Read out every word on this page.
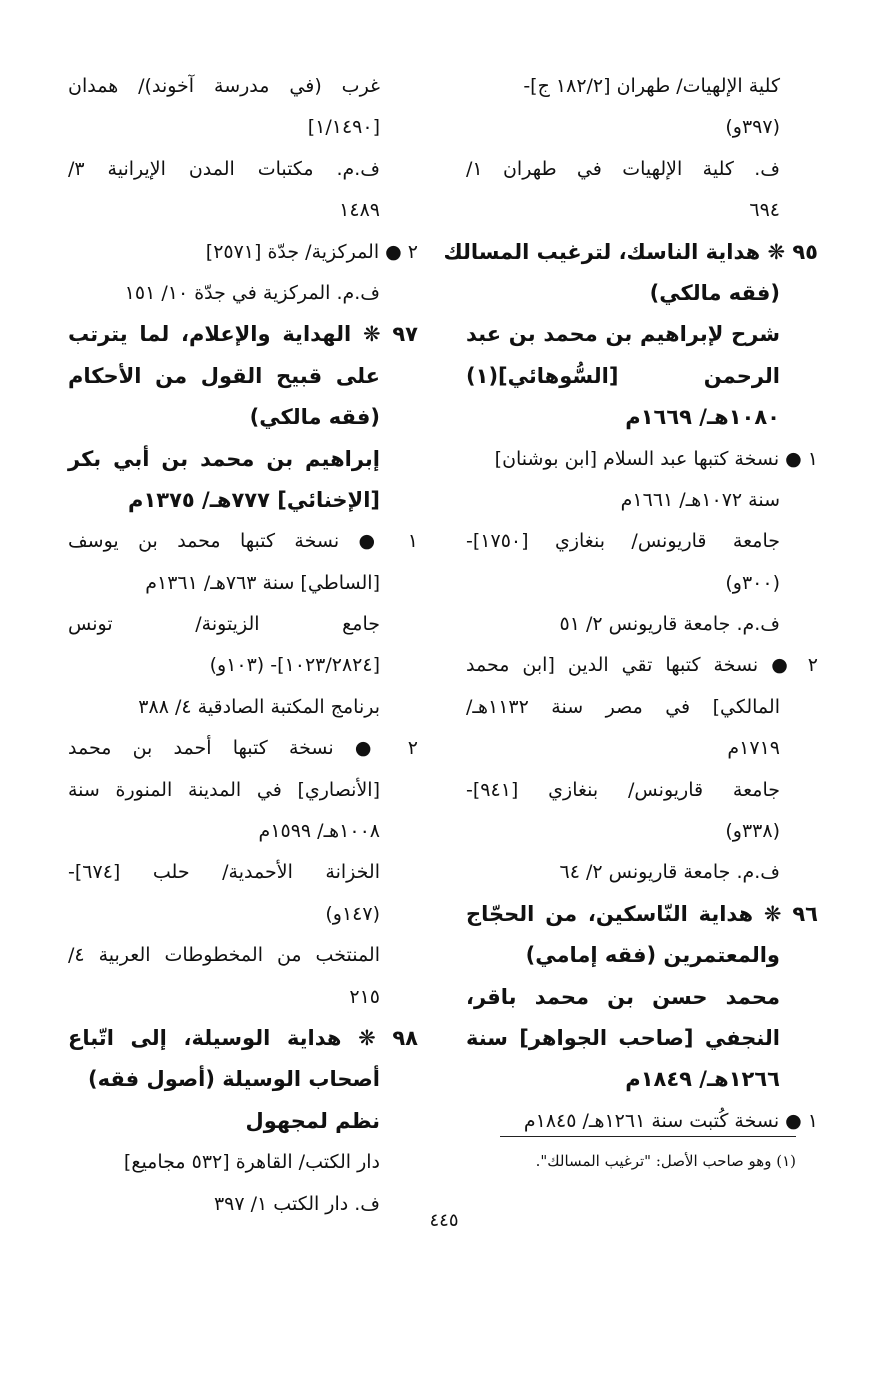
كلية الإلهيات/ طهران [١٨٢/٢ ج]-
(٣٩٧و)
ف. كلية الإلهيات في طهران ١/
٦٩٤
٩٥ ❋ هداية الناسك، لترغيب المسالك
(فقه مالكي)
شرح لإبراهيم بن محمد بن عبد
الرحمن [السُّوهائي](١)
١٠٨٠هـ/ ١٦٦٩م
١ ● نسخة كتبها عبد السلام [ابن بوشنان]
سنة ١٠٧٢هـ/ ١٦٦١م
جامعة قاريونس/ بنغازي [١٧٥٠]-
(٣٠٠و)
ف.م. جامعة قاريونس ٢/ ٥١
٢ ● نسخة كتبها تقي الدين [ابن محمد
المالكي] في مصر سنة ١١٣٢هـ/
١٧١٩م
جامعة قاريونس/ بنغازي [٩٤١]-
(٣٣٨و)
ف.م. جامعة قاريونس ٢/ ٦٤
٩٦ ❋ هداية النّاسكين، من الحجّاج
والمعتمرين (فقه إمامي)
محمد حسن بن محمد باقر،
النجفي [صاحب الجواهر] سنة
١٢٦٦هـ/ ١٨٤٩م
١ ● نسخة كُتبت سنة ١٢٦١هـ/ ١٨٤٥م
غرب (في مدرسة آخوند)/ همدان
[١/١٤٩٠]
ف.م. مكتبات المدن الإيرانية ٣/
١٤٨٩
٢ ● المركزية/ جدّة [٢٥٧١]
ف.م. المركزية في جدّة ١٠/ ١٥١
٩٧ ❋ الهداية والإعلام، لما يترتب
على قبيح القول من الأحكام
(فقه مالكي)
إبراهيم بن محمد بن أبي بكر
[الإخنائي] ٧٧٧هـ/ ١٣٧٥م
١ ● نسخة كتبها محمد بن يوسف
[الساطي] سنة ٧٦٣هـ/ ١٣٦١م
جامع الزيتونة/ تونس
[١٠٢٣/٢٨٢٤]- (١٠٣و)
برنامج المكتبة الصادقية ٤/ ٣٨٨
٢ ● نسخة كتبها أحمد بن محمد
[الأنصاري] في المدينة المنورة سنة
١٠٠٨هـ/ ١٥٩٩م
الخزانة الأحمدية/ حلب [٦٧٤]-
(١٤٧و)
المنتخب من المخطوطات العربية ٤/
٢١٥
٩٨ ❋ هداية الوسيلة، إلى اتّباع
أصحاب الوسيلة (أصول فقه)
نظم لمجهول
دار الكتب/ القاهرة [٥٣٢ مجاميع]
ف. دار الكتب ١/ ٣٩٧
(١) وهو صاحب الأصل: "ترغيب المسالك".
٤٤٥
